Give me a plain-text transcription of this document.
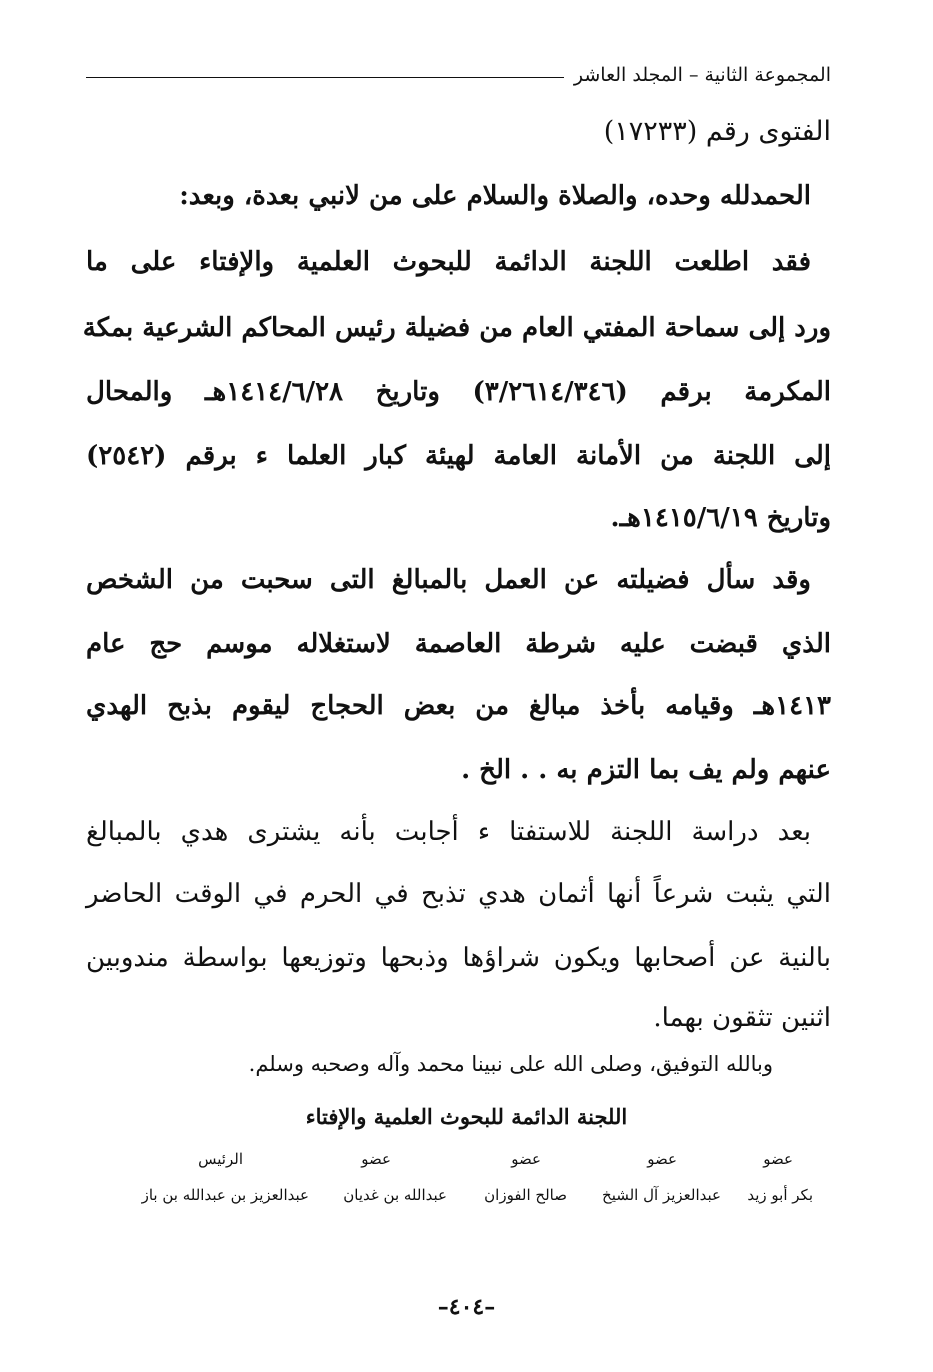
المجموعة الثانية – المجلد العاشر
الفتوى رقم (١٧٢٣٣)
الحمدلله وحده، والصلاة والسلام على من لانبي بعدة، وبعد:
فقد اطلعت اللجنة الدائمة للبحوث العلمية والإفتاء على ما
ورد إلى سماحة المفتي العام من فضيلة رئيس المحاكم الشرعية بمكة
المكرمة برقم (٣/٢٦١٤/٣٤٦) وتاريخ ١٤١٤/٦/٢٨هـ والمحال
إلى اللجنة من الأمانة العامة لهيئة كبار العلما ء برقم (٢٥٤٢)
وتاريخ ١٤١٥/٦/١٩هـ.
وقد سأل فضيلته عن العمل بالمبالغ التى سحبت من الشخص
الذي قبضت عليه شرطة العاصمة لاستغلاله موسم حج عام
١٤١٣هـ وقيامه بأخذ مبالغ من بعض الحجاج ليقوم بذبح الهدي
عنهم ولم يف بما التزم به . . الخ .
بعد دراسة اللجنة للاستفتا ء أجابت بأنه يشترى هدي بالمبالغ
التي يثبت شرعاً أنها أثمان هدي تذبح في الحرم في الوقت الحاضر
بالنية عن أصحابها ويكون شراؤها وذبحها وتوزيعها بواسطة مندوبين
اثنين تثقون بهما.
وبالله التوفيق، وصلى الله على نبينا محمد وآله وصحبه وسلم.
اللجنة الدائمة للبحوث العلمية والإفتاء
عضو
عضو
عضو
عضو
الرئيس
بكر أبو زيد
عبدالعزيز آل الشيخ
صالح الفوزان
عبدالله بن غديان
عبدالعزيز بن عبدالله بن باز
–٤٠٤–
